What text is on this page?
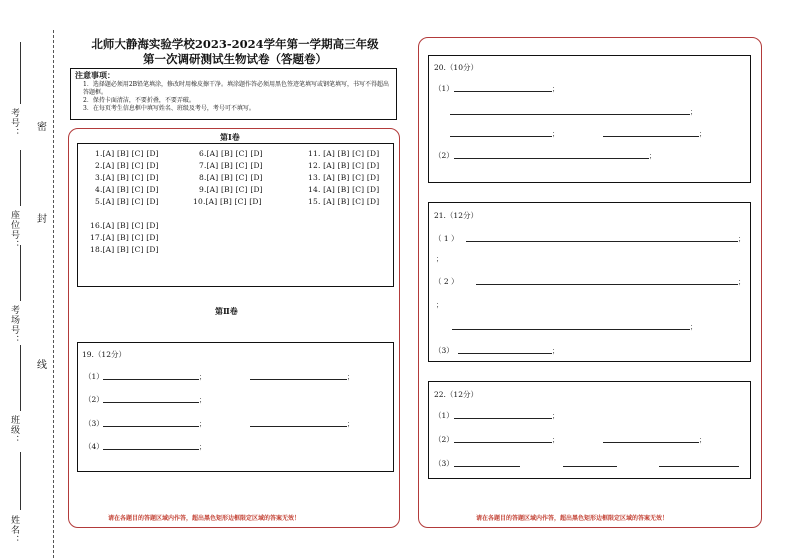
考号：
座位号：
考场号：
班级：
姓名：
密
封
线
北师大静海实验学校2023-2024学年第一学期高三年级
第一次调研测试生物试卷（答题卷）
注意事项：
1．选择题必须用2B铅笔填涂，修改时用橡皮擦干净。填涂题作答必须用黑色签迹笔填写或钢笔填写，书写不得超出答题框。
2．保持卡面清洁，不要折叠，不要弄破。
3．在每页考生信息框中填写姓名、班级及考号，考号可不填写。
第Ⅰ卷
1.[A] [B] [C] [D]
2.[A] [B] [C] [D]
3.[A] [B] [C] [D]
4.[A] [B] [C] [D]
5.[A] [B] [C] [D]
6.[A] [B] [C] [D]
7.[A] [B] [C] [D]
8.[A] [B] [C] [D]
9.[A] [B] [C] [D]
10.[A] [B] [C] [D]
11. [A] [B] [C] [D]
12. [A] [B] [C] [D]
13. [A] [B] [C] [D]
14. [A] [B] [C] [D]
15. [A] [B] [C] [D]
16.[A] [B] [C] [D]
17.[A] [B] [C] [D]
18.[A] [B] [C] [D]
第Ⅱ卷
19.（12分）
（1）	；	；
（2）	；
（3）	；	；
（4）	；
请在各题目的答题区域内作答，超出黑色矩形边框限定区域的答案无效！
20.（10分）
（1）	；
；
；	；
（2）	；
21.（12分）
（ 1 ）	；
；
（ 2 ）	；
；
；
（3）	；
22.（12分）
（1）	；
（2）	；	；
（3）
请在各题目的答题区域内作答，超出黑色矩形边框限定区域的答案无效！
